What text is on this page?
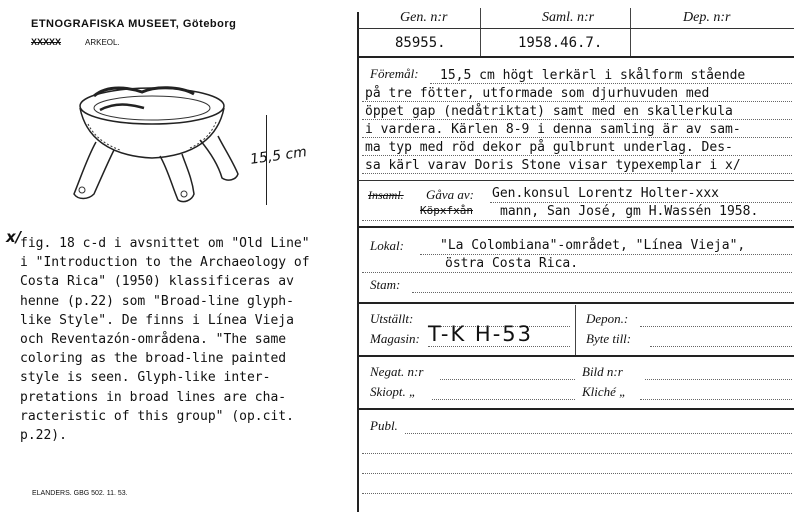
ETNOGRAFISKA MUSEET, Göteborg
XXXXX	ARKEOL.
15,5 cm
x/
fig. 18 c-d i avsnittet om "Old Line"
i "Introduction to the Archaeology of
Costa Rica" (1950) klassificeras av
henne (p.22) som "Broad-line glyph-
like Style". De finns i Línea Vieja
och Reventazón-områdena. "The same
coloring as the broad-line painted
style is seen. Glyph-like inter-
pretations in broad lines are cha-
racteristic of this group" (op.cit.
p.22).
ELANDERS. GBG 502. 11. 53.
Gen. n:r	Saml. n:r	Dep. n:r
85955.	1958.46.7.
Föremål: 15,5 cm högt lerkärl i skålform stående
på tre fötter, utformade som djurhuvuden med
öppet gap (nedåtriktat) samt med en skallerkula
i vardera. Kärlen 8-9 i denna samling är av sam-
ma typ med röd dekor på gulbrunt underlag. Des-
sa kärl varav Doris Stone visar typexemplar i x/
Insaml. Gåva av: Gen.konsul Lorentz Holter-xxx
Köpxfxån mann, San José, gm H.Wassén 1958.
Lokal:	"La Colombiana"-området, "Línea Vieja",
östra Costa Rica.
Stam:
Utställt:	Depon.:
Magasin: T-K H-53	Byte till:
Negat. n:r	Bild n:r
Skiopt. „	Kliché „
Publ.
